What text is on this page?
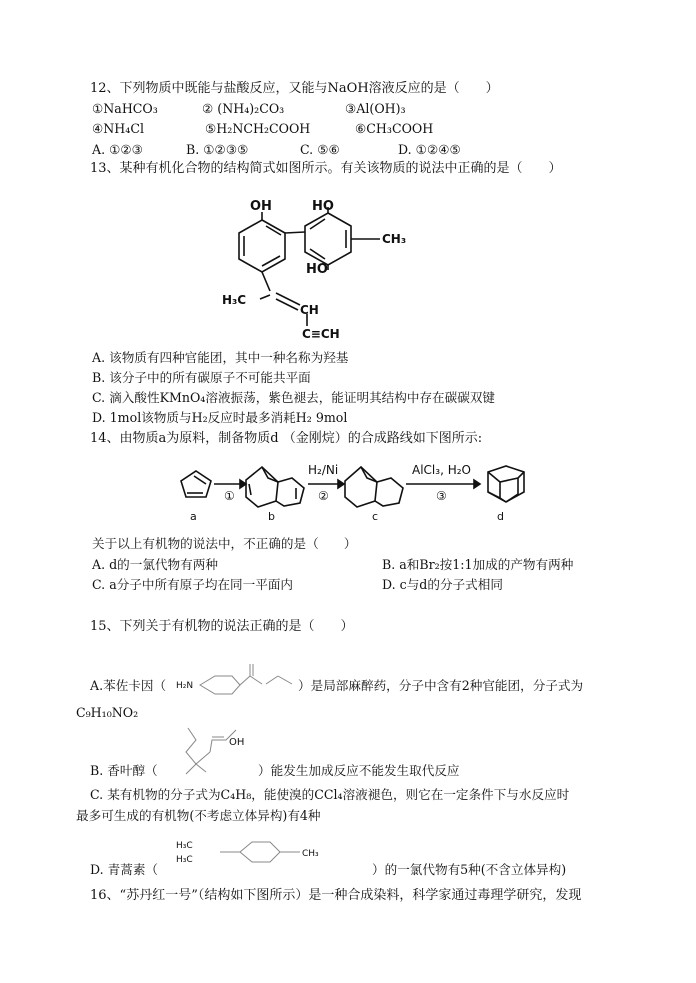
12、下列物质中既能与盐酸反应，又能与NaOH溶液反应的是（　　）
①NaHCO₃	② (NH₄)₂CO₃	③Al(OH)₃
④NH₄Cl	⑤H₂NCH₂COOH	⑥CH₃COOH
A. ①②③	B. ①②③⑤	C. ⑤⑥	D. ①②④⑤
13、某种有机化合物的结构简式如图所示。有关该物质的说法中正确的是（　　）
OH	HO
CH₃
HO
H₃C
CH
C≡CH
A. 该物质有四种官能团，其中一种名称为羟基
B. 该分子中的所有碳原子不可能共平面
C. 滴入酸性KMnO₄溶液振荡，紫色褪去，能证明其结构中存在碳碳双键
D. 1mol该物质与H₂反应时最多消耗H₂ 9mol
14、由物质a为原料，制备物质d （金刚烷）的合成路线如下图所示:
①
H₂/Ni
②
AlCl₃, H₂O
③
a	b	c	d
关于以上有机物的说法中，不正确的是（　　）
A. d的一氯代物有两种	B. a和Br₂按1:1加成的产物有两种
C. a分子中所有原子均在同一平面内	D. c与d的分子式相同
15、下列关于有机物的说法正确的是（　　）
H₂N
A.苯佐卡因（	）是局部麻醉药，分子中含有2种官能团，分子式为
C₉H₁₀NO₂
OH
B. 香叶醇（	）能发生加成反应不能发生取代反应
C. 某有机物的分子式为C₄H₈，能使溴的CCl₄溶液褪色，则它在一定条件下与水反应时
最多可生成的有机物(不考虑立体异构)有4种
H₃C
H₃C
CH₃
D. 青蒿素（	）的一氯代物有5种(不含立体异构)
16、“苏丹红一号”（结构如下图所示）是一种合成染料，科学家通过毒理学研究，发现
